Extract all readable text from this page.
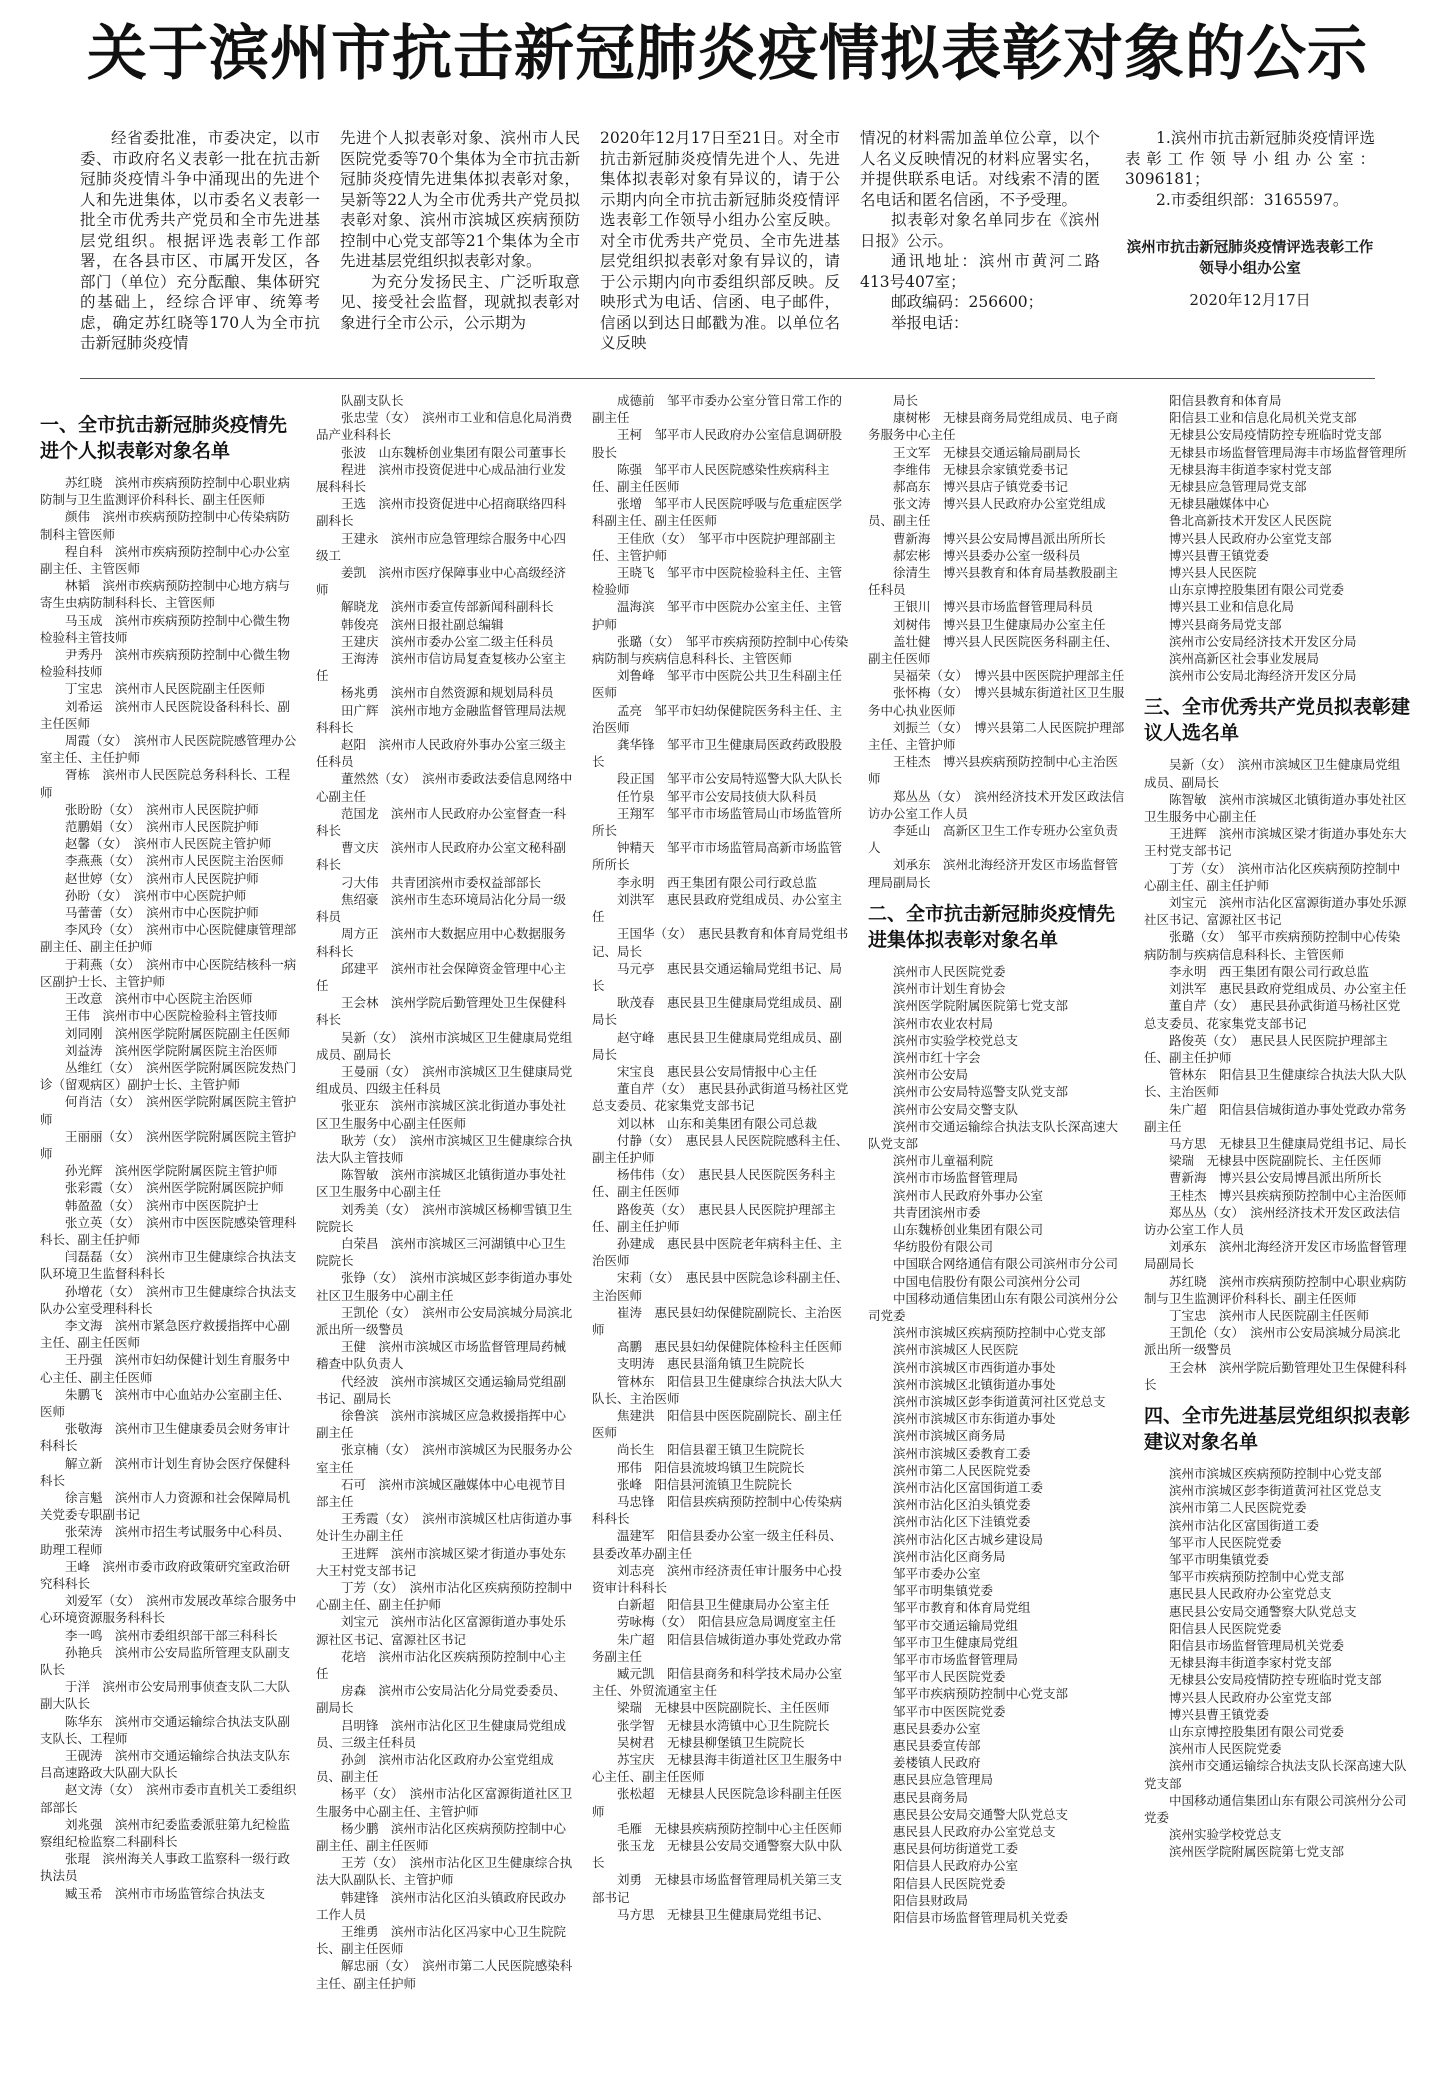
关于滨州市抗击新冠肺炎疫情拟表彰对象的公示

经省委批准，市委决定，以市委、市政府名义表彰一批在抗击新冠肺炎疫情斗争中涌现出的先进个人和先进集体，以市委名义表彰一批全市优秀共产党员和全市先进基层党组织。根据评选表彰工作部署，在各县市区、市属开发区，各部门（单位）充分酝酿、集体研究的基础上，经综合评审、统筹考虑，确定苏红晓等170人为全市抗击新冠肺炎疫情

先进个人拟表彰对象、滨州市人民医院党委等70个集体为全市抗击新冠肺炎疫情先进集体拟表彰对象，吴新等22人为全市优秀共产党员拟表彰对象、滨州市滨城区疾病预防控制中心党支部等21个集体为全市先进基层党组织拟表彰对象。

为充分发扬民主、广泛听取意见、接受社会监督，现就拟表彰对象进行全市公示，公示期为

2020年12月17日至21日。对全市抗击新冠肺炎疫情先进个人、先进集体拟表彰对象有异议的，请于公示期内向全市抗击新冠肺炎疫情评选表彰工作领导小组办公室反映。对全市优秀共产党员、全市先进基层党组织拟表彰对象有异议的，请于公示期内向市委组织部反映。反映形式为电话、信函、电子邮件，信函以到达日邮戳为准。以单位名义反映

情况的材料需加盖单位公章，以个人名义反映情况的材料应署实名，并提供联系电话。对线索不清的匿名电话和匿名信函，不予受理。

拟表彰对象名单同步在《滨州日报》公示。

通讯地址：滨州市黄河二路413号407室；

邮政编码：256600；

举报电话：

1.滨州市抗击新冠肺炎疫情评选表彰工作领导小组办公室：3096181；

2.市委组织部：3165597。

滨州市抗击新冠肺炎疫情评选表彰工作领导小组办公室
2020年12月17日
一、全市抗击新冠肺炎疫情先进个人拟表彰对象名单
苏红晓　滨州市疾病预防控制中心职业病防制与卫生监测评价科科长、副主任医师
颜伟　滨州市疾病预防控制中心传染病防制科主管医师
程自科　滨州市疾病预防控制中心办公室副主任、主管医师
林韬　滨州市疾病预防控制中心地方病与寄生虫病防制科科长、主管医师
马玉成　滨州市疾病预防控制中心微生物检验科主管技师
尹秀丹　滨州市疾病预防控制中心微生物检验科技师
丁宝忠　滨州市人民医院副主任医师
刘希运　滨州市人民医院设备科科长、副主任医师
周霞（女）　滨州市人民医院院感管理办公室主任、主任护师
胥栋　滨州市人民医院总务科科长、工程师
张盼盼（女）　滨州市人民医院护师
范鹏娟（女）　滨州市人民医院护师
赵馨（女）　滨州市人民医院主管护师
李燕燕（女）　滨州市人民医院主治医师
赵世婷（女）　滨州市人民医院护师
孙盼（女）　滨州市中心医院护师
马蕾蕾（女）　滨州市中心医院护师
李风玲（女）　滨州市中心医院健康管理部副主任、副主任护师
于莉燕（女）　滨州市中心医院结核科一病区副护士长、主管护师
王改意　滨州市中心医院主治医师
王伟　滨州市中心医院检验科主管技师
刘同刚　滨州医学院附属医院副主任医师
刘益涛　滨州医学院附属医院主治医师
丛维红（女）　滨州医学院附属医院发热门诊（留观病区）副护士长、主管护师
何肖洁（女）　滨州医学院附属医院主管护师
王丽丽（女）　滨州医学院附属医院主管护师
孙光辉　滨州医学院附属医院主管护师
张彩霞（女）　滨州医学院附属医院护师
韩盈盈（女）　滨州市中医医院护士
张立英（女）　滨州市中医医院感染管理科科长、副主任护师
闫磊磊（女）　滨州市卫生健康综合执法支队环境卫生监督科科长
孙增花（女）　滨州市卫生健康综合执法支队办公室受理科科长
李文海　滨州市紧急医疗救援指挥中心副主任、副主任医师
王丹强　滨州市妇幼保健计划生育服务中心主任、副主任医师
朱鹏飞　滨州市中心血站办公室副主任、医师
张敬海　滨州市卫生健康委员会财务审计科科长
解立新　滨州市计划生育协会医疗保健科科长
徐言魁　滨州市人力资源和社会保障局机关党委专职副书记
张荣涛　滨州市招生考试服务中心科员、助理工程师
王峰　滨州市委市政府政策研究室政治研究科科长
刘爱军（女）　滨州市发展改革综合服务中心环境资源服务科科长
李一鸣　滨州市委组织部干部三科科长
孙艳兵　滨州市公安局监所管理支队副支队长
于洋　滨州市公安局刑事侦查支队二大队副大队长
陈华东　滨州市交通运输综合执法支队副支队长、工程师
王砚涛　滨州市交通运输综合执法支队东吕高速路政大队副大队长
赵文涛（女）　滨州市委市直机关工委组织部部长
刘兆强　滨州市纪委监委派驻第九纪检监察组纪检监察二科副科长
张琨　滨州海关人事政工监察科一级行政执法员
臧玉希　滨州市市场监管综合执法支
队副支队长
张忠莹（女）　滨州市工业和信息化局消费品产业科科长
张波　山东魏桥创业集团有限公司董事长
程进　滨州市投资促进中心成品油行业发展科科长
王选　滨州市投资促进中心招商联络四科副科长
王建永　滨州市应急管理综合服务中心四级工
姜凯　滨州市医疗保障事业中心高级经济师
解晓龙　滨州市委宣传部新闻科副科长
韩俊亮　滨州日报社副总编辑
王建庆　滨州市委办公室二级主任科员
王海涛　滨州市信访局复查复核办公室主任
杨兆勇　滨州市自然资源和规划局科员
田广辉　滨州市地方金融监督管理局法规科科长
赵阳　滨州市人民政府外事办公室三级主任科员
董然然（女）　滨州市委政法委信息网络中心副主任
范国龙　滨州市人民政府办公室督查一科科长
曹文庆　滨州市人民政府办公室文秘科副科长
刁大伟　共青团滨州市委权益部部长
焦绍豪　滨州市生态环境局沾化分局一级科员
周方正　滨州市大数据应用中心数据服务科科长
邱建平　滨州市社会保障资金管理中心主任
王会林　滨州学院后勤管理处卫生保健科科长
吴新（女）　滨州市滨城区卫生健康局党组成员、副局长
王曼丽（女）　滨州市滨城区卫生健康局党组成员、四级主任科员
张亚东　滨州市滨城区滨北街道办事处社区卫生服务中心副主任医师
耿芳（女）　滨州市滨城区卫生健康综合执法大队主管技师
陈智敏　滨州市滨城区北镇街道办事处社区卫生服务中心副主任
刘秀美（女）　滨州市滨城区杨柳雪镇卫生院院长
白荣昌　滨州市滨城区三河湖镇中心卫生院院长
张铮（女）　滨州市滨城区彭李街道办事处社区卫生服务中心副主任
王凯伦（女）　滨州市公安局滨城分局滨北派出所一级警员
王健　滨州市滨城区市场监督管理局药械稽查中队负责人
代经波　滨州市滨城区交通运输局党组副书记、副局长
徐鲁滨　滨州市滨城区应急救援指挥中心副主任
张京楠（女）　滨州市滨城区为民服务办公室主任
石可　滨州市滨城区融媒体中心电视节目部主任
王秀霞（女）　滨州市滨城区杜店街道办事处计生办副主任
王进辉　滨州市滨城区梁才街道办事处东大王村党支部书记
丁芳（女）　滨州市沾化区疾病预防控制中心副主任、副主任护师
刘宝元　滨州市沾化区富源街道办事处乐源社区书记、富源社区书记
花培　滨州市沾化区疾病预防控制中心主任
房森　滨州市公安局沾化分局党委委员、副局长
吕明锋　滨州市沾化区卫生健康局党组成员、三级主任科员
孙剑　滨州市沾化区政府办公室党组成员、副主任
杨平（女）　滨州市沾化区富源街道社区卫生服务中心副主任、主管护师
杨少鹏　滨州市沾化区疾病预防控制中心副主任、副主任医师
王芳（女）　滨州市沾化区卫生健康综合执法大队副队长、主管护师
韩建锋　滨州市沾化区泊头镇政府民政办工作人员
王维勇　滨州市沾化区冯家中心卫生院院长、副主任医师
解忠丽（女）　滨州市第二人民医院感染科主任、副主任护师
成德前　邹平市委办公室分管日常工作的副主任
王柯　邹平市人民政府办公室信息调研股股长
陈强　邹平市人民医院感染性疾病科主任、副主任医师
张增　邹平市人民医院呼吸与危重症医学科副主任、副主任医师
王佳欣（女）　邹平市中医院护理部副主任、主管护师
王晓飞　邹平市中医院检验科主任、主管检验师
温海滨　邹平市中医院办公室主任、主管护师
张璐（女）　邹平市疾病预防控制中心传染病防制与疾病信息科科长、主管医师
刘鲁峰　邹平市中医院公共卫生科副主任医师
孟亮　邹平市妇幼保健院医务科主任、主治医师
龚华锋　邹平市卫生健康局医政药政股股长
段正国　邹平市公安局特巡警大队大队长
任竹泉　邹平市公安局技侦大队科员
王翔军　邹平市市场监管局山市场监管所所长
钟精天　邹平市市场监管局高新市场监管所所长
李永明　西王集团有限公司行政总监
刘洪军　惠民县政府党组成员、办公室主任
王国华（女）　惠民县教育和体育局党组书记、局长
马元亭　惠民县交通运输局党组书记、局长
耿茂春　惠民县卫生健康局党组成员、副局长
赵守峰　惠民县卫生健康局党组成员、副局长
宋宝良　惠民县公安局情报中心主任
董自芹（女）　惠民县孙武街道马杨社区党总支委员、花家集党支部书记
刘以林　山东和美集团有限公司总裁
付静（女）　惠民县人民医院院感科主任、副主任护师
杨伟伟（女）　惠民县人民医院医务科主任、副主任医师
路俊英（女）　惠民县人民医院护理部主任、副主任护师
孙建成　惠民县中医院老年病科主任、主治医师
宋莉（女）　惠民县中医院急诊科副主任、主治医师
崔涛　惠民县妇幼保健院副院长、主治医师
高鹏　惠民县妇幼保健院体检科主任医师
支明涛　惠民县淄角镇卫生院院长
管林东　阳信县卫生健康综合执法大队大队长、主治医师
焦建洪　阳信县中医医院副院长、副主任医师
尚长生　阳信县翟王镇卫生院院长
邢伟　阳信县流坡坞镇卫生院院长
张峰　阳信县河流镇卫生院院长
马忠锋　阳信县疾病预防控制中心传染病科科长
温建军　阳信县委办公室一级主任科员、县委改革办副主任
刘志亮　滨州市经济责任审计服务中心投资审计科科长
白新超　阳信县卫生健康局办公室主任
劳咏梅（女）　阳信县应急局调度室主任
朱广超　阳信县信城街道办事处党政办常务副主任
臧元凯　阳信县商务和科学技术局办公室主任、外贸流通室主任
梁瑞　无棣县中医院副院长、主任医师
张学智　无棣县水湾镇中心卫生院院长
吴树君　无棣县柳堡镇卫生院院长
苏宝庆　无棣县海丰街道社区卫生服务中心主任、副主任医师
张松超　无棣县人民医院急诊科副主任医师
毛雁　无棣县疾病预防控制中心主任医师
张玉龙　无棣县公安局交通警察大队中队长
刘勇　无棣县市场监督管理局机关第三支部书记
马方思　无棣县卫生健康局党组书记、
局长
康树彬　无棣县商务局党组成员、电子商务服务中心主任
王文军　无棣县交通运输局副局长
李维伟　无棣县佘家镇党委书记
郝高东　博兴县店子镇党委书记
张文涛　博兴县人民政府办公室党组成员、副主任
曹新海　博兴县公安局博昌派出所所长
郝宏彬　博兴县委办公室一级科员
徐清生　博兴县教育和体育局基教股副主任科员
王银川　博兴县市场监督管理局科员
刘树伟　博兴县卫生健康局办公室主任
盖壮健　博兴县人民医院医务科副主任、副主任医师
吴福荣（女）　博兴县中医医院护理部主任
张怀梅（女）　博兴县城东街道社区卫生服务中心执业医师
刘振兰（女）　博兴县第二人民医院护理部主任、主管护师
王桂杰　博兴县疾病预防控制中心主治医师
郑丛丛（女）　滨州经济技术开发区政法信访办公室工作人员
李延山　高新区卫生工作专班办公室负责人
刘承东　滨州北海经济开发区市场监督管理局副局长
二、全市抗击新冠肺炎疫情先进集体拟表彰对象名单
滨州市人民医院党委
滨州市计划生育协会
滨州医学院附属医院第七党支部
滨州市农业农村局
滨州市实验学校党总支
滨州市红十字会
滨州市公安局
滨州市公安局特巡警支队党支部
滨州市公安局交警支队
滨州市交通运输综合执法支队长深高速大队党支部
滨州市儿童福利院
滨州市市场监督管理局
滨州市人民政府外事办公室
共青团滨州市委
山东魏桥创业集团有限公司
华纺股份有限公司
中国联合网络通信有限公司滨州市分公司
中国电信股份有限公司滨州分公司
中国移动通信集团山东有限公司滨州分公司党委
滨州市滨城区疾病预防控制中心党支部
滨州市滨城区人民医院
滨州市滨城区市西街道办事处
滨州市滨城区北镇街道办事处
滨州市滨城区彭李街道黄河社区党总支
滨州市滨城区市东街道办事处
滨州市滨城区商务局
滨州市滨城区委教育工委
滨州市第二人民医院党委
滨州市沾化区富国街道工委
滨州市沾化区泊头镇党委
滨州市沾化区下洼镇党委
滨州市沾化区古城乡建设局
滨州市沾化区商务局
邹平市委办公室
邹平市明集镇党委
邹平市教育和体育局党组
邹平市交通运输局党组
邹平市卫生健康局党组
邹平市市场监督管理局
邹平市人民医院党委
邹平市疾病预防控制中心党支部
邹平市中医医院党委
惠民县委办公室
惠民县委宣传部
姜楼镇人民政府
惠民县应急管理局
惠民县商务局
惠民县公安局交通警大队党总支
惠民县人民政府办公室党总支
惠民县何坊街道党工委
阳信县人民政府办公室
阳信县人民医院党委
阳信县财政局
阳信县市场监督管理局机关党委
阳信县教育和体育局
阳信县工业和信息化局机关党支部
无棣县公安局疫情防控专班临时党支部
无棣县市场监督管理局海丰市场监督管理所
无棣县海丰街道李家村党支部
无棣县应急管理局党支部
无棣县融媒体中心
鲁北高新技术开发区人民医院
博兴县人民政府办公室党支部
博兴县曹王镇党委
博兴县人民医院
山东京博控股集团有限公司党委
博兴县工业和信息化局
博兴县商务局党支部
滨州市公安局经济技术开发区分局
滨州高新区社会事业发展局
滨州市公安局北海经济开发区分局
三、全市优秀共产党员拟表彰建议人选名单
吴新（女）　滨州市滨城区卫生健康局党组成员、副局长
陈智敏　滨州市滨城区北镇街道办事处社区卫生服务中心副主任
王进辉　滨州市滨城区梁才街道办事处东大王村党支部书记
丁芳（女）　滨州市沾化区疾病预防控制中心副主任、副主任护师
刘宝元　滨州市沾化区富源街道办事处乐源社区书记、富源社区书记
张璐（女）　邹平市疾病预防控制中心传染病防制与疾病信息科科长、主管医师
李永明　西王集团有限公司行政总监
刘洪军　惠民县政府党组成员、办公室主任
董自芹（女）　惠民县孙武街道马杨社区党总支委员、花家集党支部书记
路俊英（女）　惠民县人民医院护理部主任、副主任护师
管林东　阳信县卫生健康综合执法大队大队长、主治医师
朱广超　阳信县信城街道办事处党政办常务副主任
马方思　无棣县卫生健康局党组书记、局长
梁瑞　无棣县中医院副院长、主任医师
曹新海　博兴县公安局博昌派出所所长
王桂杰　博兴县疾病预防控制中心主治医师
郑丛丛（女）　滨州经济技术开发区政法信访办公室工作人员
刘承东　滨州北海经济开发区市场监督管理局副局长
苏红晓　滨州市疾病预防控制中心职业病防制与卫生监测评价科科长、副主任医师
丁宝忠　滨州市人民医院副主任医师
王凯伦（女）　滨州市公安局滨城分局滨北派出所一级警员
王会林　滨州学院后勤管理处卫生保健科科长
四、全市先进基层党组织拟表彰建议对象名单
滨州市滨城区疾病预防控制中心党支部
滨州市滨城区彭李街道黄河社区党总支
滨州市第二人民医院党委
滨州市沾化区富国街道工委
邹平市人民医院党委
邹平市明集镇党委
邹平市疾病预防控制中心党支部
惠民县人民政府办公室党总支
惠民县公安局交通警察大队党总支
阳信县人民医院党委
阳信县市场监督管理局机关党委
无棣县海丰街道李家村党支部
无棣县公安局疫情防控专班临时党支部
博兴县人民政府办公室党支部
博兴县曹王镇党委
山东京博控股集团有限公司党委
滨州市人民医院党委
滨州市交通运输综合执法支队长深高速大队党支部
中国移动通信集团山东有限公司滨州分公司党委
滨州实验学校党总支
滨州医学院附属医院第七党支部
